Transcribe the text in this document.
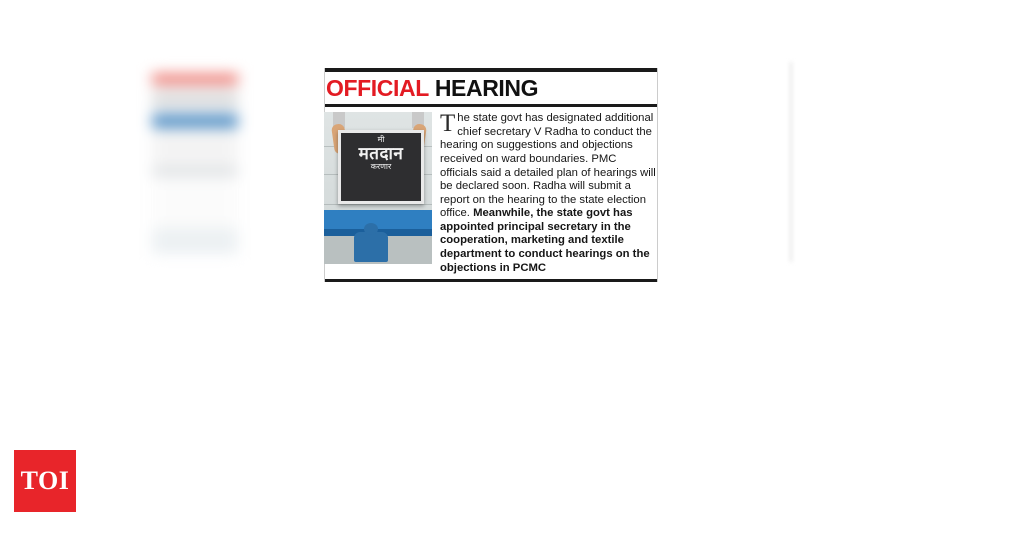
OFFICIAL HEARING
मी
मतदान
करणार
The state govt has designated additional chief secretary V Radha to conduct the hearing on suggestions and objections received on ward boundaries. PMC officials said a detailed plan of hearings will be declared soon. Radha will submit a report on the hearing to the state election office. Meanwhile, the state govt has appointed principal secretary in the cooperation, marketing and textile department to conduct hearings on the objections in PCMC
TOI
